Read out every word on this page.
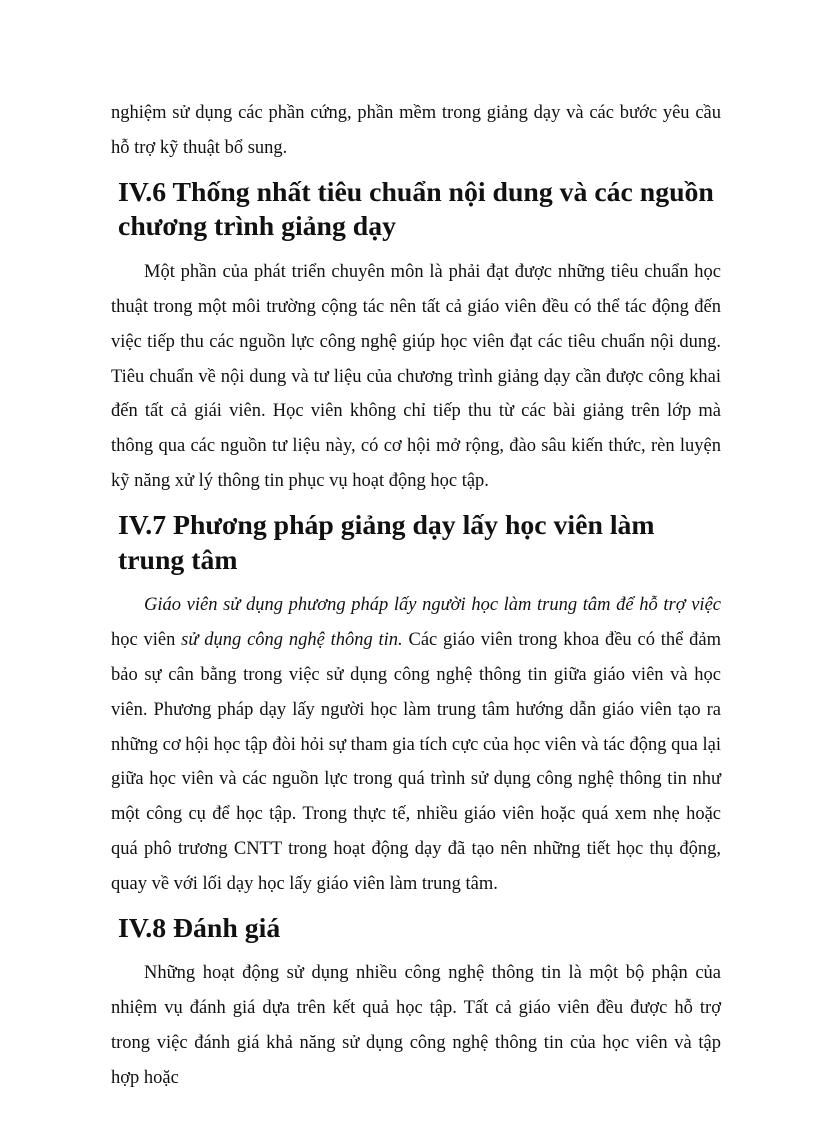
nghiệm sử dụng các phần cứng, phần mềm trong giảng dạy và các bước yêu cầu hỗ trợ kỹ thuật bổ sung.

IV.6 Thống nhất tiêu chuẩn nội dung và các nguồn chương trình giảng dạy

Một phần của phát triển chuyên môn là phải đạt được những tiêu chuẩn học thuật trong một môi trường cộng tác nên tất cả giáo viên đều có thể tác động đến việc tiếp thu các nguồn lực công nghệ giúp học viên đạt các tiêu chuẩn nội dung. Tiêu chuẩn về nội dung và tư liệu của chương trình giảng dạy cần được công khai đến tất cả giái viên. Học viên không chỉ tiếp thu từ các bài giảng trên lớp mà thông qua các nguồn tư liệu này, có cơ hội mở rộng, đào sâu kiến thức, rèn luyện kỹ năng xử lý thông tin phục vụ hoạt động học tập.

IV.7 Phương pháp giảng dạy lấy học viên làm trung tâm

Giáo viên sử dụng phương pháp lấy người học làm trung tâm để hỗ trợ việc học viên sử dụng công nghệ thông tin. Các giáo viên trong khoa đều có thể đảm bảo sự cân bằng trong việc sử dụng công nghệ thông tin giữa giáo viên và học viên. Phương pháp dạy lấy người học làm trung tâm hướng dẫn giáo viên tạo ra những cơ hội học tập đòi hỏi sự tham gia tích cực của học viên và tác động qua lại giữa học viên và các nguồn lực trong quá trình sử dụng công nghệ thông tin như một công cụ để học tập. Trong thực tế, nhiều giáo viên hoặc quá xem nhẹ hoặc quá phô trương CNTT trong hoạt động dạy đã tạo nên những tiết học thụ động, quay về với lối dạy học lấy giáo viên làm trung tâm.

IV.8 Đánh giá

Những hoạt động sử dụng nhiều công nghệ thông tin là một bộ phận của nhiệm vụ đánh giá dựa trên kết quả học tập. Tất cả giáo viên đều được hỗ trợ trong việc đánh giá khả năng sử dụng công nghệ thông tin của học viên và tập hợp hoặc
